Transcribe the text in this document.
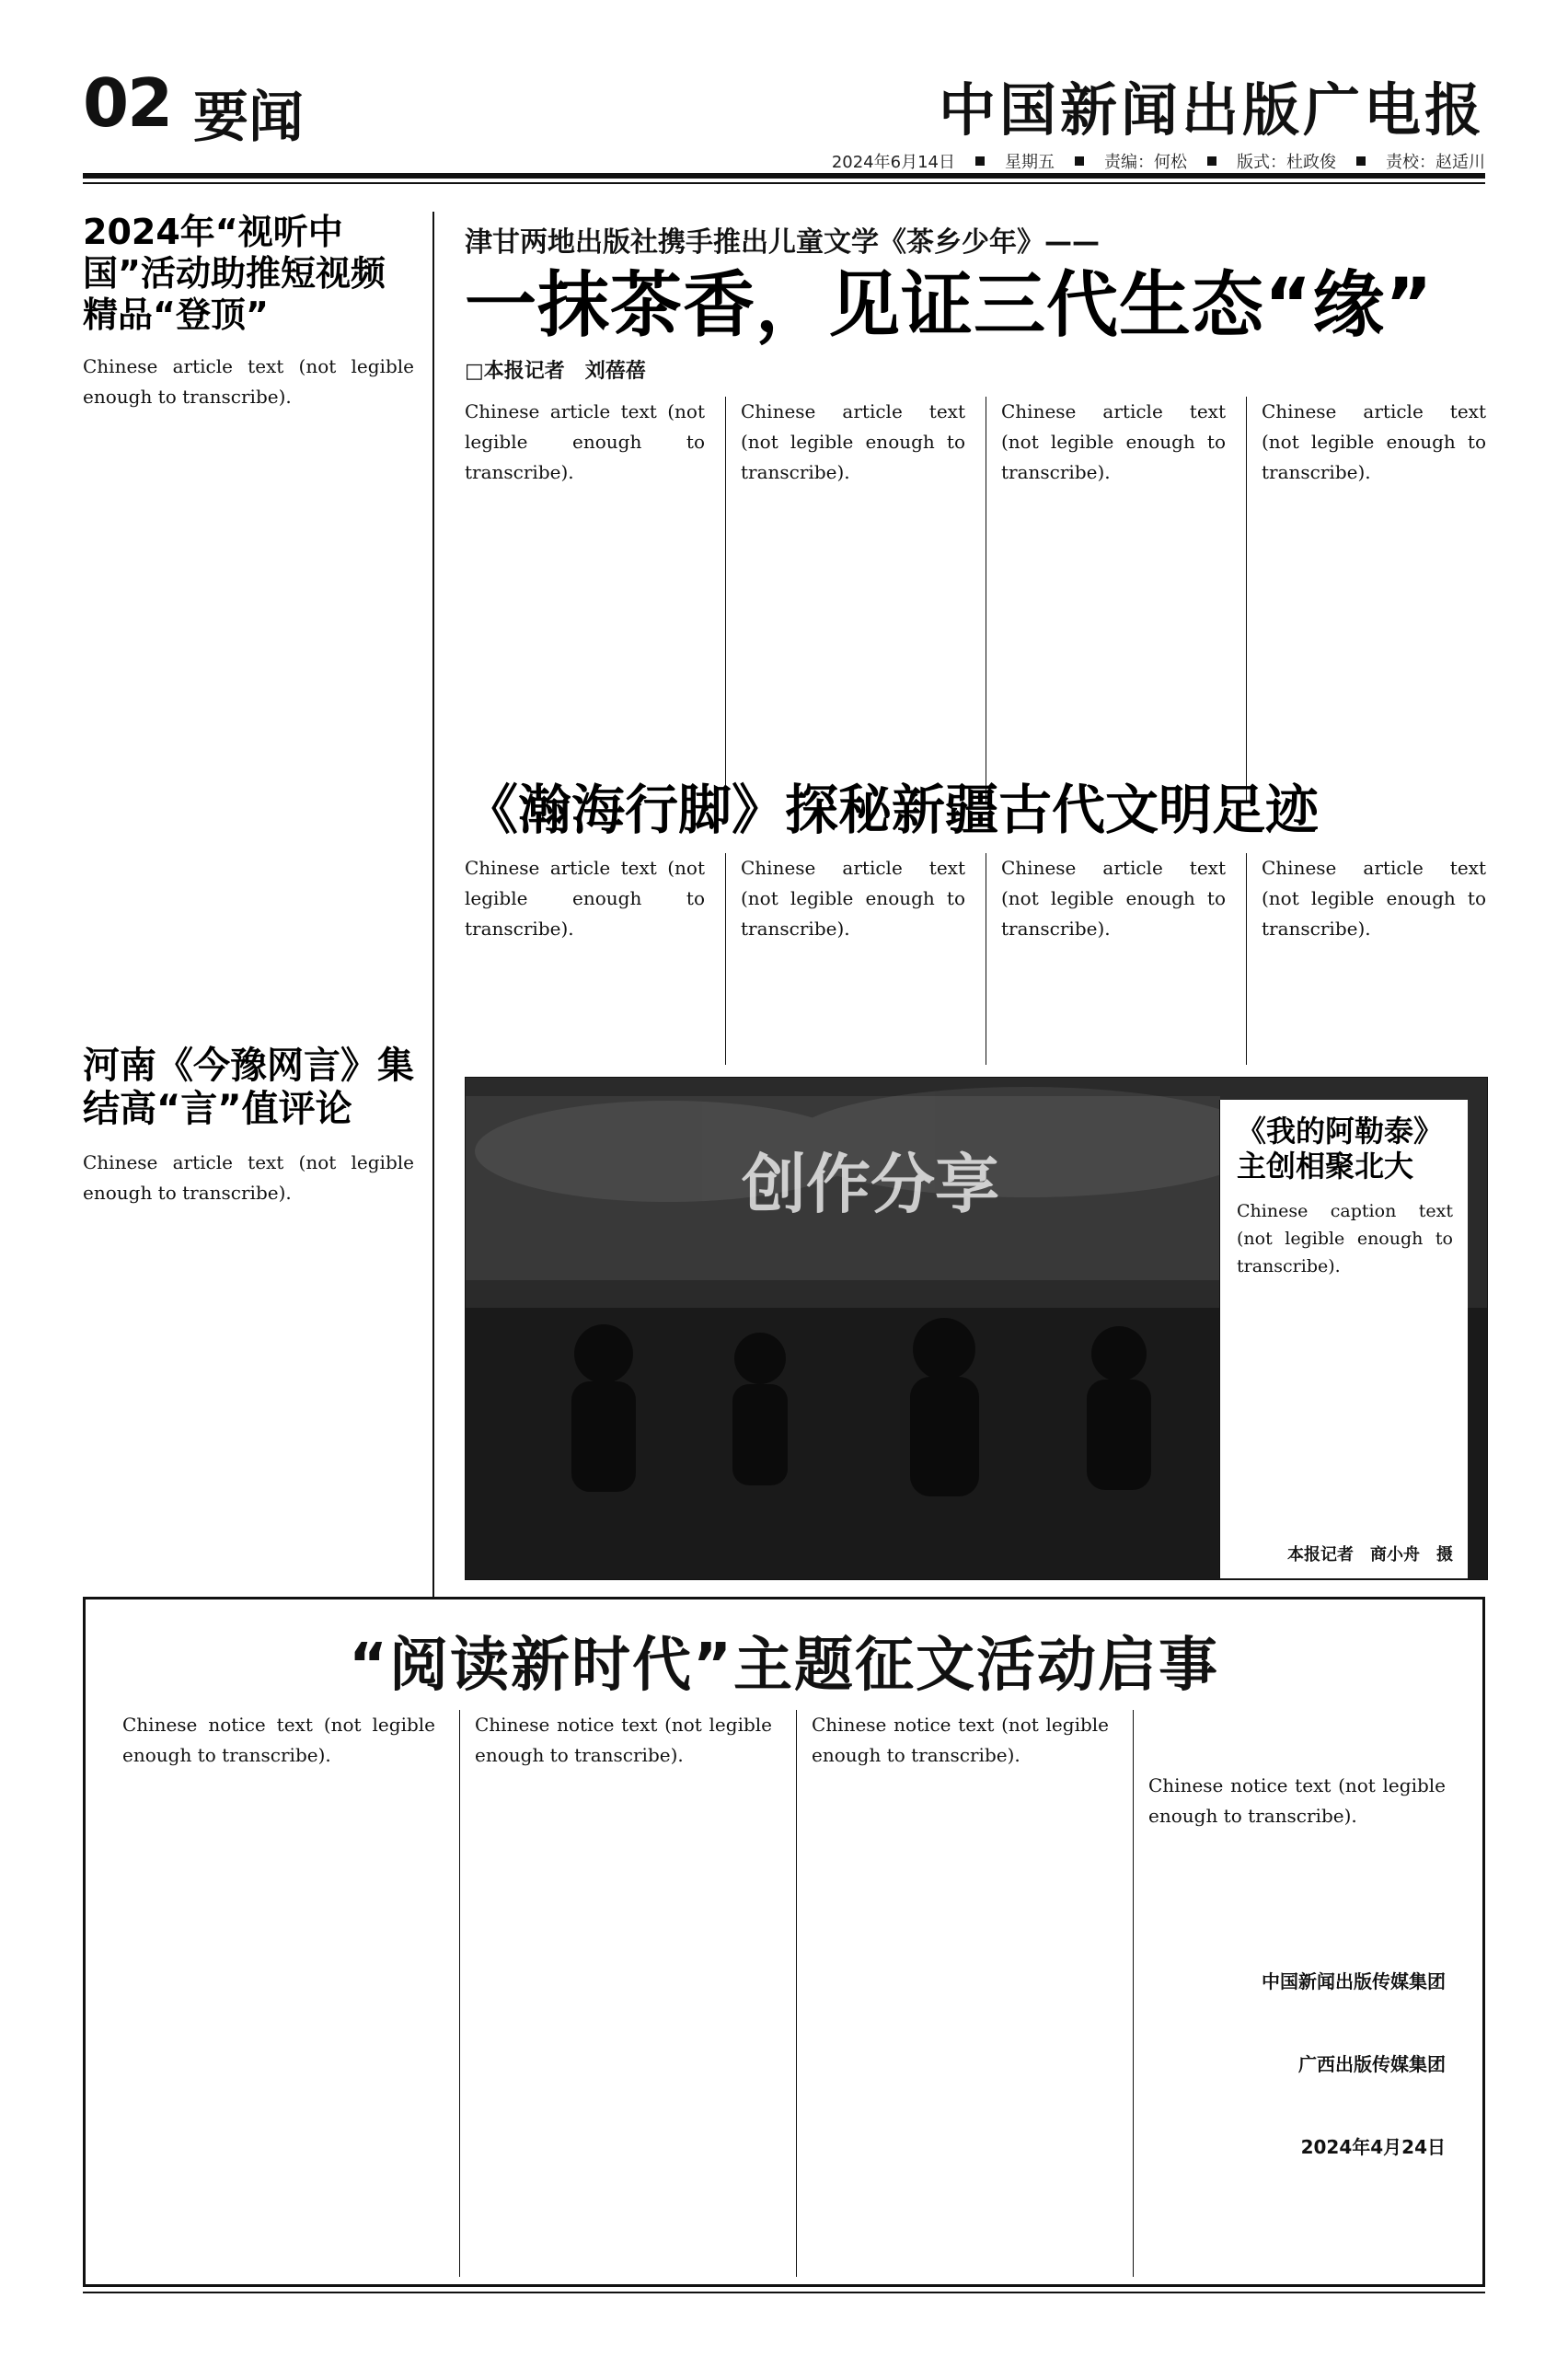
02 要闻	中国新闻出版广电报
2024年6月14日	星期五	责编：何松	版式：杜政俊	责校：赵适川
2024年“视听中国”活动助推短视频精品“登顶”
Chinese article text (not legible enough to transcribe).
河南《今豫网言》集结高“言”值评论
Chinese article text (not legible enough to transcribe).
津甘两地出版社携手推出儿童文学《茶乡少年》——
一抹茶香，见证三代生态“缘”
□本报记者　刘蓓蓓
Chinese article text (not legible enough to transcribe).
Chinese article text (not legible enough to transcribe).
Chinese article text (not legible enough to transcribe).
Chinese article text (not legible enough to transcribe).
《瀚海行脚》探秘新疆古代文明足迹
Chinese article text (not legible enough to transcribe).
Chinese article text (not legible enough to transcribe).
Chinese article text (not legible enough to transcribe).
Chinese article text (not legible enough to transcribe).
创作分享
《我的阿勒泰》主创相聚北大
Chinese caption text (not legible enough to transcribe).
本报记者　商小舟　摄
“阅读新时代”主题征文活动启事
Chinese notice text (not legible enough to transcribe).
Chinese notice text (not legible enough to transcribe).
Chinese notice text (not legible enough to transcribe).

Chinese notice text (not legible enough to transcribe).

中国新闻出版传媒集团

广西出版传媒集团

2024年4月24日
